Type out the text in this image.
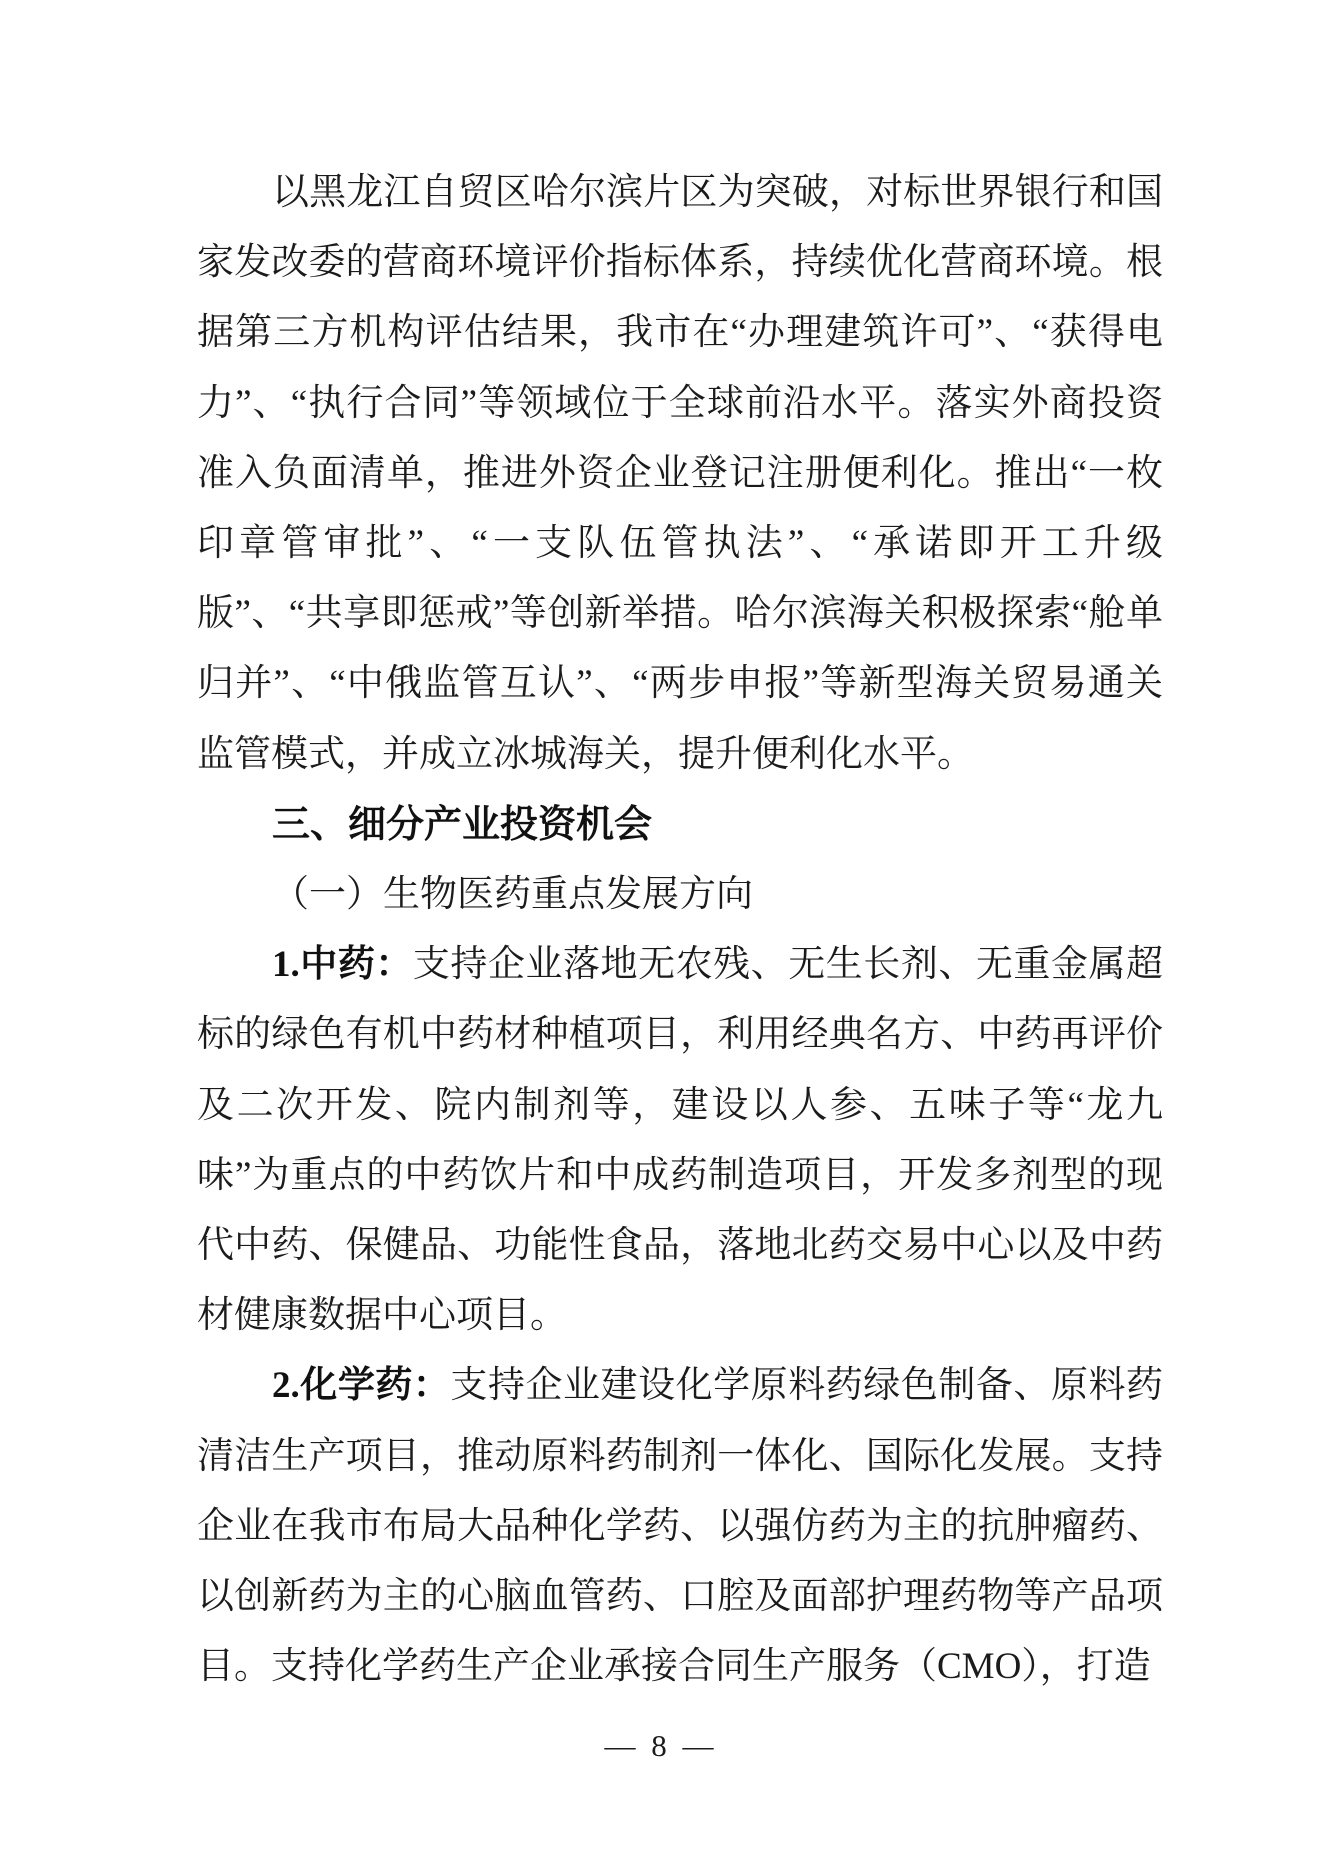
以黑龙江自贸区哈尔滨片区为突破，对标世界银行和国家发改委的营商环境评价指标体系，持续优化营商环境。根据第三方机构评估结果，我市在“办理建筑许可”、“获得电力”、“执行合同”等领域位于全球前沿水平。落实外商投资准入负面清单，推进外资企业登记注册便利化。推出“一枚印章管审批”、“一支队伍管执法”、“承诺即开工升级版”、“共享即惩戒”等创新举措。哈尔滨海关积极探索“舱单归并”、“中俄监管互认”、“两步申报”等新型海关贸易通关监管模式，并成立冰城海关，提升便利化水平。

三、细分产业投资机会
（一）生物医药重点发展方向

1.中药：支持企业落地无农残、无生长剂、无重金属超标的绿色有机中药材种植项目，利用经典名方、中药再评价及二次开发、院内制剂等，建设以人参、五味子等“龙九味”为重点的中药饮片和中成药制造项目，开发多剂型的现代中药、保健品、功能性食品，落地北药交易中心以及中药材健康数据中心项目。

2.化学药：支持企业建设化学原料药绿色制备、原料药清洁生产项目，推动原料药制剂一体化、国际化发展。支持企业在我市布局大品种化学药、以强仿药为主的抗肿瘤药、以创新药为主的心脑血管药、口腔及面部护理药物等产品项目。支持化学药生产企业承接合同生产服务（CMO），打造

— 8 —
